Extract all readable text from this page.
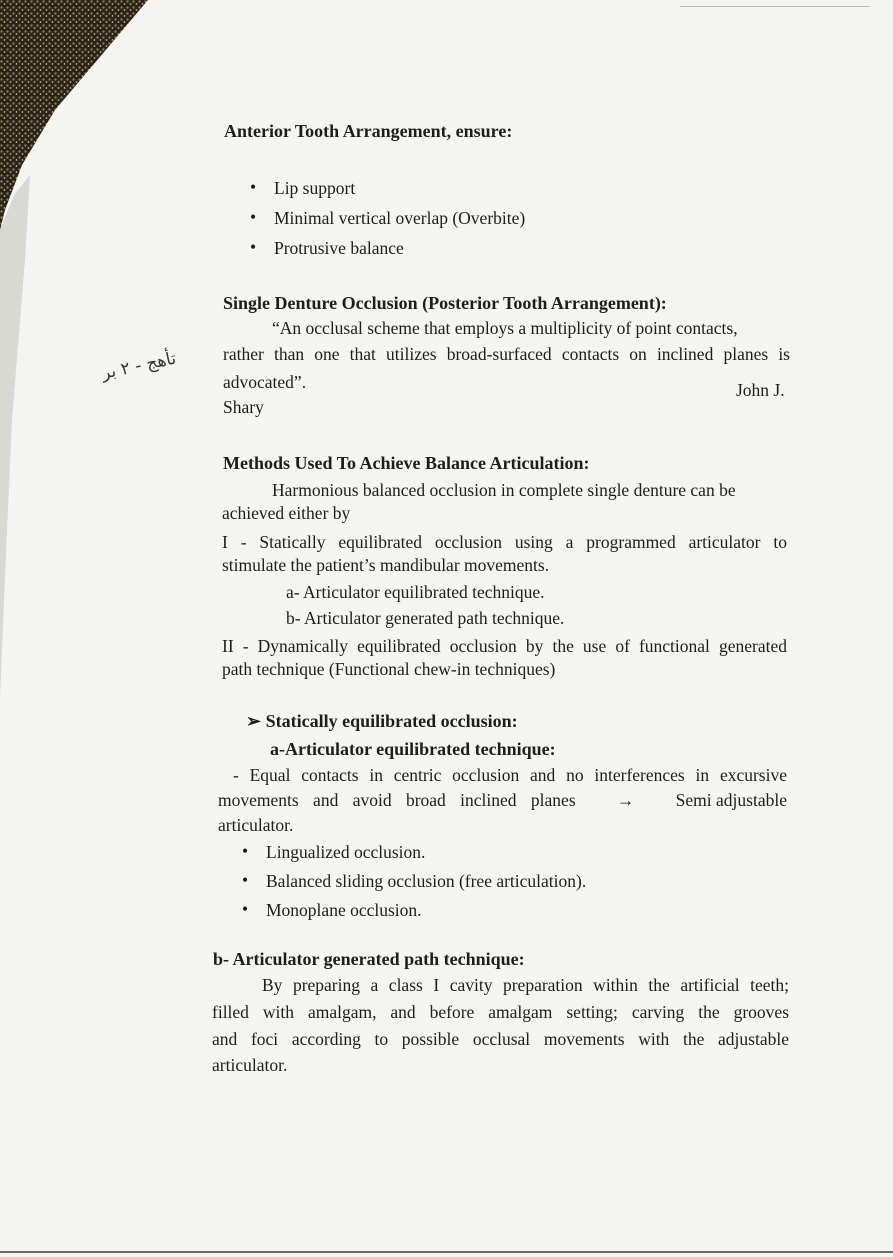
Anterior Tooth Arrangement, ensure:
• Lip support
• Minimal vertical overlap (Overbite)
• Protrusive balance
Single Denture Occlusion (Posterior Tooth Arrangement):
“An occlusal scheme that employs a multiplicity of point contacts,
rather than one that utilizes broad-surfaced contacts on inclined planes is
advocated”.	John J.
Shary
تأهج - ٢ بر
Methods Used To Achieve Balance Articulation:
Harmonious balanced occlusion in complete single denture can be
achieved either by
I - Statically equilibrated occlusion using a programmed articulator to
stimulate the patient’s mandibular movements.
a- Articulator equilibrated technique.
b- Articulator generated path technique.
II - Dynamically equilibrated occlusion by the use of functional generated
path technique (Functional chew-in techniques)
➢ Statically equilibrated occlusion:
a-Articulator equilibrated technique:
- Equal contacts in centric occlusion and no interferences in excursive
movements and avoid broad inclined planes → Semi adjustable
articulator.
• Lingualized occlusion.
• Balanced sliding occlusion (free articulation).
• Monoplane occlusion.
b- Articulator generated path technique:
By preparing a class I cavity preparation within the artificial teeth;
filled with amalgam, and before amalgam setting; carving the grooves
and foci according to possible occlusal movements with the adjustable
articulator.
